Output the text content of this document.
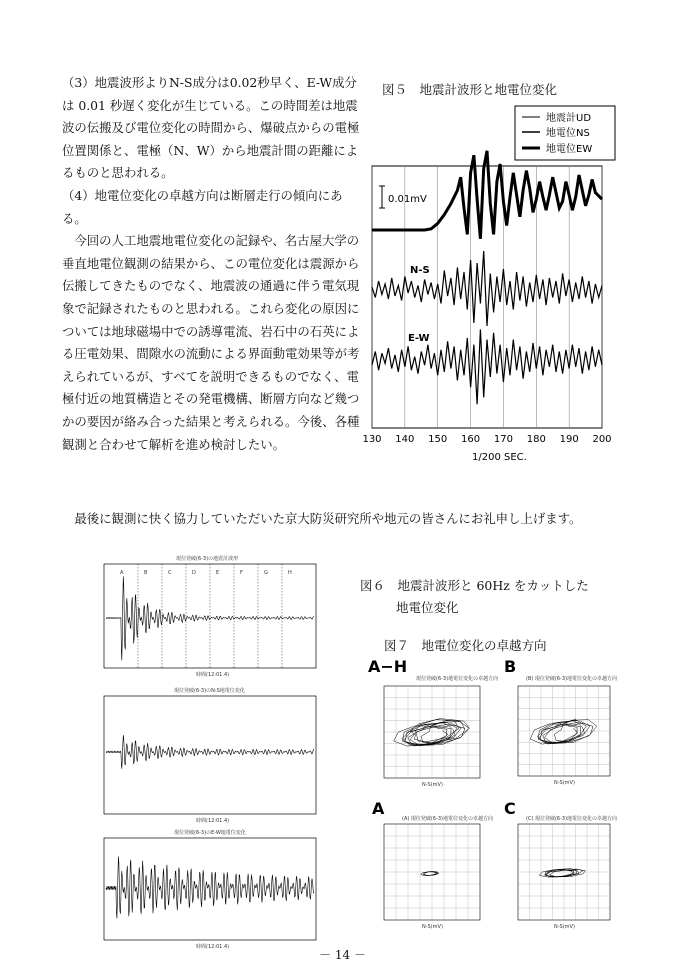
（3）地震波形よりN-S成分は0.02秒早く、E-W成分は 0.01 秒遅く変化が生じている。この時間差は地震波の伝搬及び電位変化の時間から、爆破点からの電極位置関係と、電極（N、W）から地震計間の距離によるものと思われる。

（4）地電位変化の卓越方向は断層走行の傾向にある。

今回の人工地震地電位変化の記録や、名古屋大学の垂直地電位観測の結果から、この電位変化は震源から伝搬してきたものでなく、地震波の通過に伴う電気現象で記録されたものと思われる。これら変化の原因については地球磁場中での誘導電流、岩石中の石英による圧電効果、間隙水の流動による界面動電効果等が考えられているが、すべてを説明できるものでなく、電極付近の地質構造とその発電機構、断層方向など幾つかの要因が絡み合った結果と考えられる。今後、各種観測と合わせて解析を進め検討したい。

最後に観測に快く協力していただいた京大防災研究所や地元の皆さんにお礼申し上げます。
図５　地震計波形と地電位変化
地震計UD
地電位NS
地電位EW
0.01mV
N-S
E-W
130 140 150 160 170 180 190 200
1/200 SEC.
図６　地震計波形と 60Hz をカットした
地電位変化
現位発破(6-3)の地震計波形
A	B	C	D	E	F	G	H
時間(12:01.4)
現位発破(6-3)のN-S地電位変化
時間(12:01.4)
現位発破(6-3)のE-W地電位変化
時間(12:01.4)
図７　地電位変化の卓越方向
A−H
現位発破(6-3)地電位変化の卓越方向
N-S(mV)
B
(B) 現位発破(6-3)地電位変化の卓越方向
N-S(mV)
A
(A) 現位発破(6-3)地電位変化の卓越方向
N-S(mV)
C
(C) 現位発破(6-3)地電位変化の卓越方向
N-S(mV)
－ 14 －
